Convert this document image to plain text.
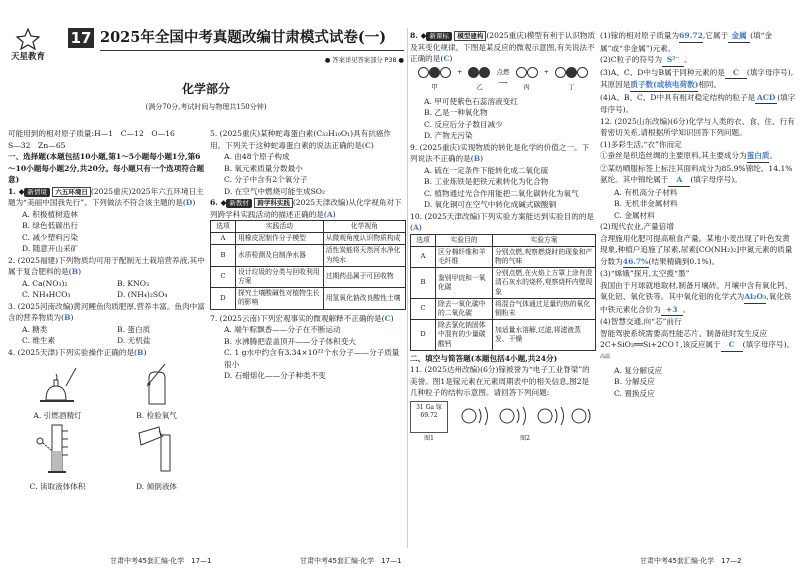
天星教育
17 2025年全国中考真题改编甘肃模式试卷(一)
● 答案详见答案部分 P38 ●
化学部分
(满分70分,考试时间与物理共150分钟)

可能用到的相对原子质量:H—1　C—12　O—16

S—32　Zn—65

一、选择题(本题包括10小题,第1～5小题每小题1分,第6～10小题每小题2分,共20分。每小题只有一个选项符合题意)

1. ◆ 新情境 六五环境日 (2025重庆)2025年六五环境日主题为“美丽中国我先行”。下列做法不符合该主题的是(D)

A. 积极植树造林

B. 绿色低碳出行

C. 减少塑料污染

D. 随意开山采矿

2. (2025福建)下列物质均可用于配制无土栽培营养液,其中属于复合肥料的是(B)

A. Ca(NO₃)₂	B. KNO₃

C. NH₄HCO₃	D. (NH₄)₂SO₄

3. (2025河南改编)黄河鲤鱼肉质肥厚,营养丰富。鱼肉中富含的营养物质为(B)

A. 糖类	B. 蛋白质

C. 维生素	D. 无机盐

4. (2025天津)下列实验操作正确的是(B)

A. 引燃酒精灯	B. 检验氧气
C. 读取液体体积	D. 倾倒液体
甘肃中考45套汇编·化学　17—1

5. (2025重庆)某种蛇毒蛋白素(C₃₂H₁₀O₁)具有抗癌作用。下列关于这种蛇毒蛋白素的说法正确的是(C)

A. 由48个原子构成

B. 氧元素质量分数最小

C. 分子中含有2个氧分子

D. 在空气中燃烧可能生成SO₂

6. ◆ 新教材 跨学科实践 (2025天津改编)从化学视角对下列跨学科实践活动的描述正确的是(A)

选项	实践活动	化学视角
A	用橡皮泥制作分子模型	从微观角度认识物质构成
B	水质检测及自制净水器	活性炭能将天然河水净化为纯水
C	设计垃圾的分类与回收利用方案	过期药品属于可回收物
D	探究土壤酸碱性对植物生长的影响	用氢氧化钠改良酸性土壤

7. (2025云南)下列宏观事实的微观解释不正确的是(C)

A. 端午粽飘香——分子在不断运动

B. 水沸腾把壶盖顶开——分子体积变大

C. 1 g水中约含有3.34×10²²个水分子——分子质量很小

D. 石蜡熔化——分子种类不变

甘肃中考45套汇编·化学　17—1

8. ◆ 新课标 模型建构 (2025重庆)模型有利于认识物质及其变化规律。下图是某反应的微观示意图,有关说法不正确的是(C)

甲
+

乙
点燃
⟶	丙
+

丁

A. 甲可使紫色石蕊溶液变红

B. 乙是一种氧化物

C. 反应后分子数目减少

D. 产物无污染

9. (2025重庆)实现物质的转化是化学的价值之一。下列说法不正确的是(B)

A. 硫在一定条件下能转化成二氧化硫

B. 工业炼铁是把铁元素转化为化合物

C. 植物通过光合作用能把二氧化碳转化为氧气

D. 氧化铜可在空气中转化成碱式碳酸铜

10. (2025天津改编)下列实验方案能达到实验目的的是(A)

选项	实验目的	实验方案
A	区分棉纤维和羊毛纤维	分别点燃,观察燃烧时的现象和产物的气味
B	鉴别甲烷和一氧化碳	分别点燃,在火焰上方罩上涂有澄清石灰水的烧杯,观察烧杯内壁现象
C	除去一氧化碳中的二氧化碳	将混合气体通过足量灼热的氧化铜粉末
D	除去氯化钠固体中混有的少量碳酸钙	加适量水溶解,过滤,将滤液蒸发、干燥

二、填空与简答题(本题包括4小题,共24分)

11. (2025达州改编)(6分)镓被誉为“电子工业脊梁”的美誉。图1是镓元素在元素周期表中的相关信息,图2是几种粒子的结构示意图。请回答下列问题:

31 Ga 镓 69.72
图1	图2

(1)镓的相对原子质量为69.72,它属于 金属 (填“金属”或“非金属”)元素。

(2)C粒子的符号为 S²⁻ 。

(3)A、C、D中与B属于同种元素的是 C (填字母序号),其原因是质子数(或核电荷数)相同。

(4)A、B、C、D中具有相对稳定结构的粒子是 ACD (填字母序号)。

12. (2025山东改编)(6分)化学与人类的衣、食、住、行有着密切关系,请根据所学知识回答下列问题。

(1)多彩生活,“衣”你而定

①蚕丝是织造丝绸的主要原料,其主要成分为蛋白质。

②某纺晒服标签上标注其面料成分为85.9%锦纶、14.1%氨纶。其中锦纶属于 A (填字母序号)。

A. 有机高分子材料

B. 无机非金属材料

C. 金属材料

(2)现代农业,产量倍增

合理施用化肥可提高粮食产量。某地小麦出现了叶色发黄现象,种植户追施了尿素,尿素[CO(NH₂)₂]中氮元素的质量分数为46.7%(结果精确到0.1%)。

(3)“嫦娥”探月,太空揽“墨”

我国由于月球就地取材,制备月壤砖。月壤中含有氧化钙、氧化铝、氧化铁等。其中氧化铝的化学式为Al₂O₃,氧化铁中铁元素化合价为 +3 。

(4)智慧交通,向“芯”前行

智能驾驶系统需要高性能芯片。制备硅时发生反应2C+SiO₂══Si+2CO↑,该反应属于 C (填字母序号)。 $^{高温}$

A. 复分解反应

B. 分解反应

C. 置换反应

甘肃中考45套汇编·化学　17—2
